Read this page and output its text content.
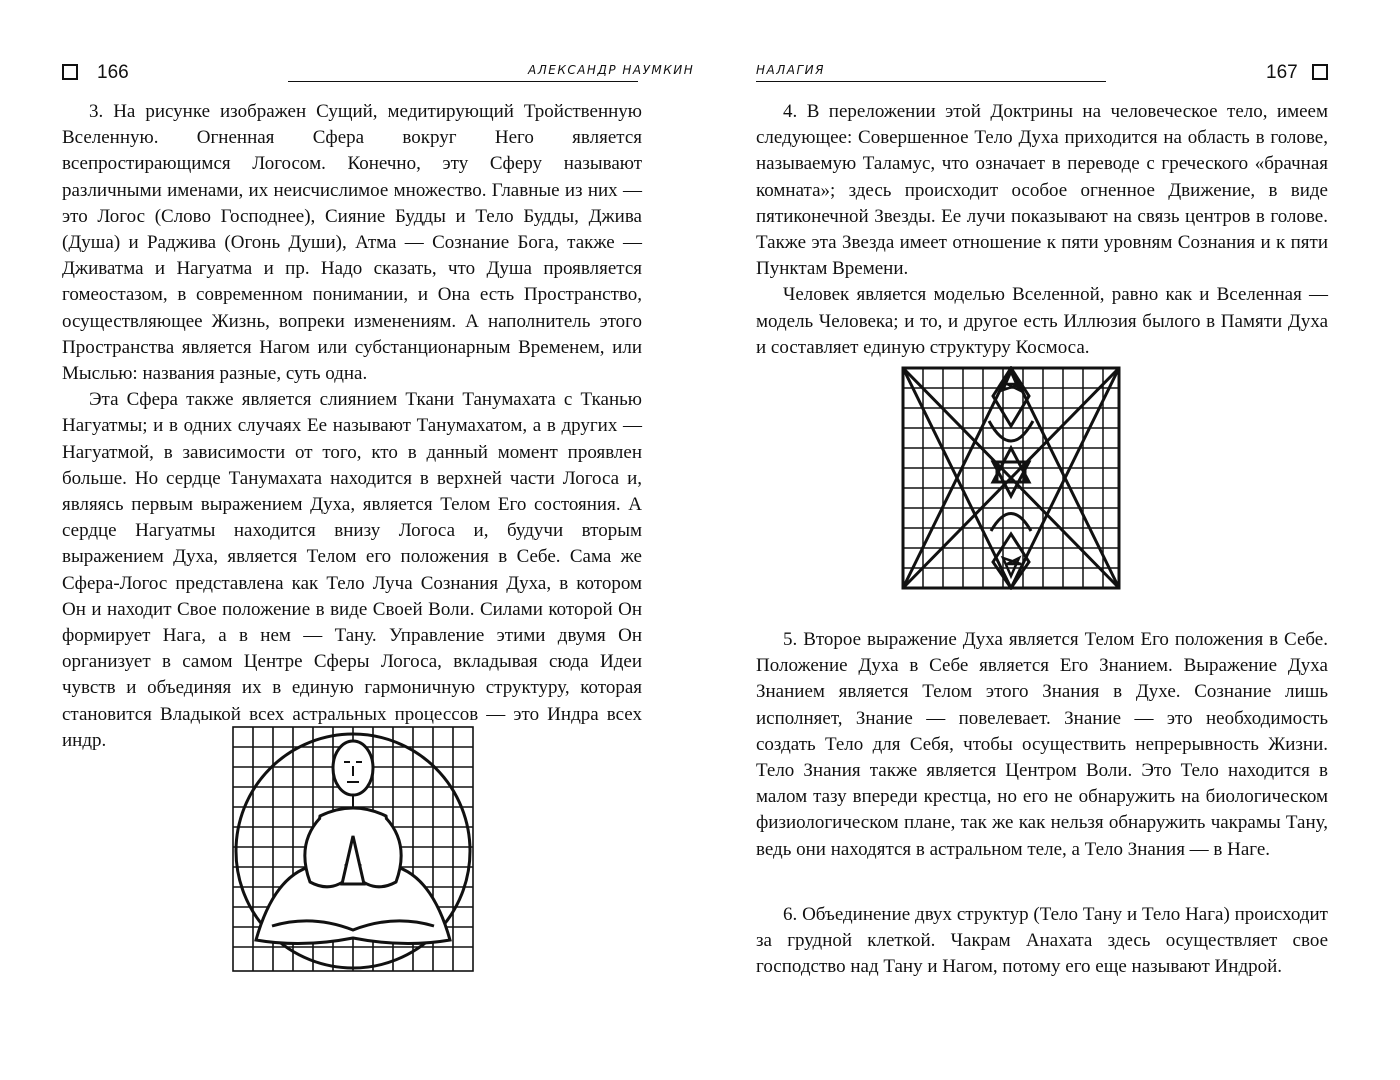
166	АЛЕКСАНДР НАУМКИН

3. На рисунке изображен Сущий, медитирующий Тройственную Вселенную. Огненная Сфера вокруг Него является всепростирающимся Логосом. Конечно, эту Сферу называют различными именами, их неисчислимое множество. Главные из них — это Логос (Слово Господнее), Сияние Будды и Тело Будды, Джива (Душа) и Раджива (Огонь Души), Атма — Сознание Бога, также — Дживатма и Нагуатма и пр. Надо сказать, что Душа проявляется гомеостазом, в современном понимании, и Она есть Пространство, осуществляющее Жизнь, вопреки изменениям. А наполнитель этого Пространства является Нагом или субстанционарным Временем, или Мыслью: названия разные, суть одна.

Эта Сфера также является слиянием Ткани Танумахата с Тканью Нагуатмы; и в одних случаях Ее называют Танумахатом, а в других — Нагуатмой, в зависимости от того, кто в данный момент проявлен больше. Но сердце Танумахата находится в верхней части Логоса и, являясь первым выражением Духа, является Телом Его состояния. А сердце Нагуатмы находится внизу Логоса и, будучи вторым выражением Духа, является Телом его положения в Себе. Сама же Сфера-Логос представлена как Тело Луча Сознания Духа, в котором Он и находит Свое положение в виде Своей Воли. Силами которой Он формирует Нага, а в нем — Тану. Управление этими двумя Он организует в самом Центре Сферы Логоса, вкладывая сюда Идеи чувств и объединяя их в единую гармоничную структуру, которая становится Владыкой всех астральных процессов — это Индра всех индр.

НАЛАГИЯ	167

4. В переложении этой Доктрины на человеческое тело, имеем следующее: Совершенное Тело Духа приходится на область в голове, называемую Таламус, что означает в переводе с греческого «брачная комната»; здесь происходит особое огненное Движение, в виде пятиконечной Звезды. Ее лучи показывают на связь центров в голове. Также эта Звезда имеет отношение к пяти уровням Сознания и к пяти Пунктам Времени.

Человек является моделью Вселенной, равно как и Вселенная — модель Человека; и то, и другое есть Иллюзия былого в Памяти Духа и составляет единую структуру Космоса.

5. Второе выражение Духа является Телом Его положения в Себе. Положение Духа в Себе является Его Знанием. Выражение Духа Знанием является Телом этого Знания в Духе. Сознание лишь исполняет, Знание — повелевает. Знание — это необходимость создать Тело для Себя, чтобы осуществить непрерывность Жизни. Тело Знания также является Центром Воли. Это Тело находится в малом тазу впереди крестца, но его не обнаружить на биологическом физиологическом плане, так же как нельзя обнаружить чакрамы Тану, ведь они находятся в астральном теле, а Тело Знания — в Наге.

6. Объединение двух структур (Тело Тану и Тело Нага) происходит за грудной клеткой. Чакрам Анахата здесь осуществляет свое господство над Тану и Нагом, потому его еще называют Индрой.
